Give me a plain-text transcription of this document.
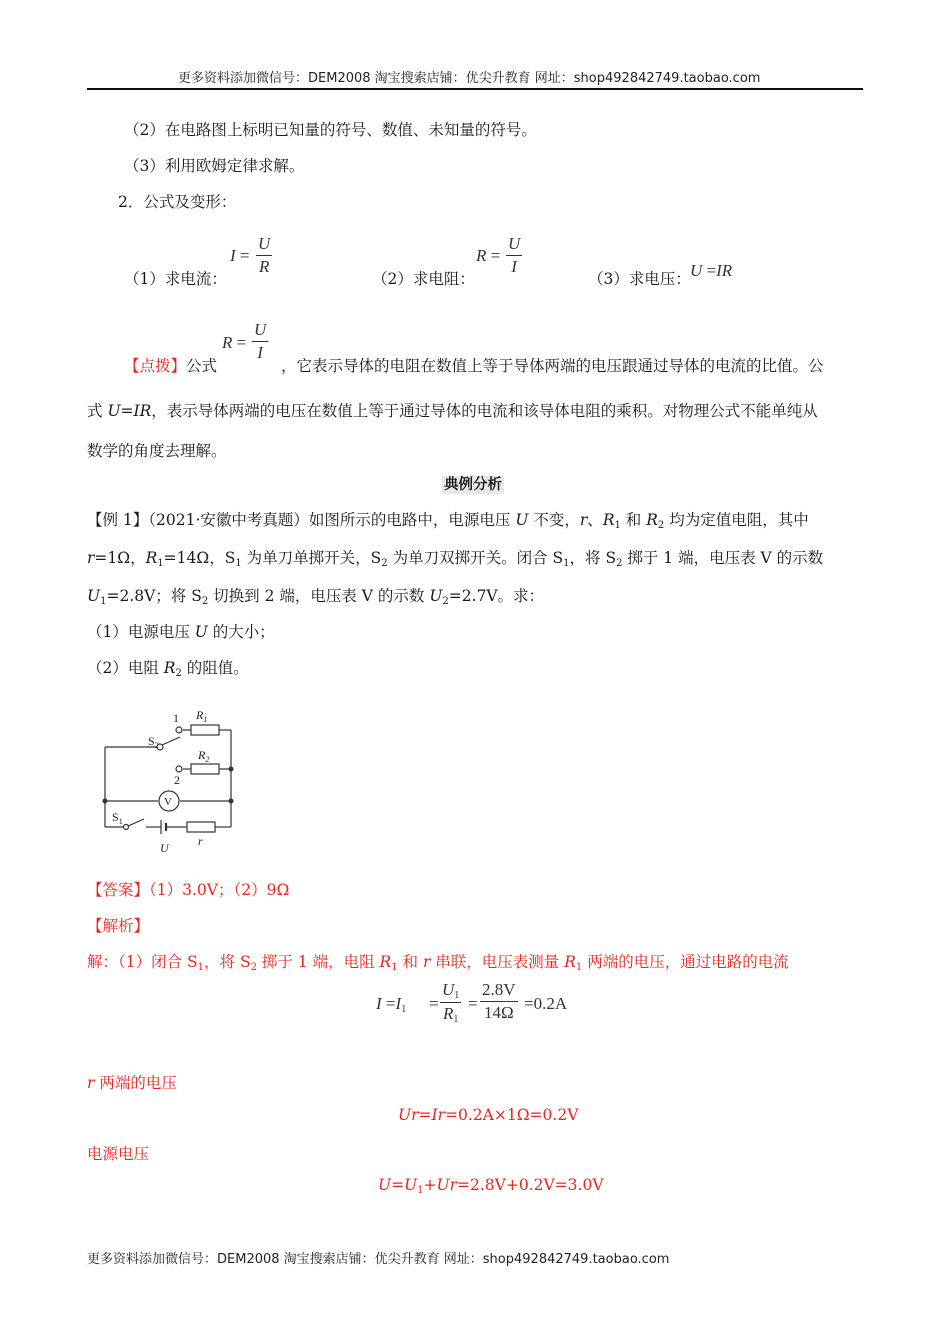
更多资料添加微信号：DEM2008 淘宝搜索店铺：优尖升教育 网址：shop492842749.taobao.com
（2）在电路图上标明已知量的符号、数值、未知量的符号。
（3）利用欧姆定律求解。
2．公式及变形：
（1）求电流：
I =
U
R
（2）求电阻：
R =
U
I
（3）求电压： U =IR
U
I
R =
【点拨】公式	，它表示导体的电阻在数值上等于导体两端的电压跟通过导体的电流的比值。公
式 U=IR，表示导体两端的电压在数值上等于通过导体的电流和该导体电阻的乘积。对物理公式不能单纯从
数学的角度去理解。
典例分析
【例 1】（2021·安徽中考真题）如图所示的电路中，电源电压 U 不变，r、$R_1$ 和 $R_2$ 均为定值电阻，其中
r=1Ω，$R_1=14\Omega$，$S_1$ 为单刀单掷开关，$S_2$ 为单刀双掷开关。闭合 $S_1$，将 $S_2$ 掷于 1 端，电压表 V 的示数
$U_1=2.8V$；将 $S_2$ 切换到 2 端，电压表 V 的示数 $U_2=2.7V$。求：
（1）电源电压 U 的大小；
（2）电阻 $R_2$ 的阻值。
1 $R_1$
$S_2$
$R_2$
2
V
$S_1$
U r
【答案】（1）3.0V；（2）9Ω
【解析】
解：（1）闭合 $S_1$，将 $S_2$ 掷于 1 端，电阻 $R_1$ 和 r 串联，电压表测量 $R_1$ 两端的电压，通过电路的电流
$I =I_1$ =
$U_1$
$R_1$
=
2.8V
14Ω =0.2A
r 两端的电压
Ur=Ir=0.2A×1Ω=0.2V
电源电压
$U=U_1+Ur=2.8V+0.2V=3.0V$
更多资料添加微信号：DEM2008 淘宝搜索店铺：优尖升教育 网址：shop492842749.taobao.com
